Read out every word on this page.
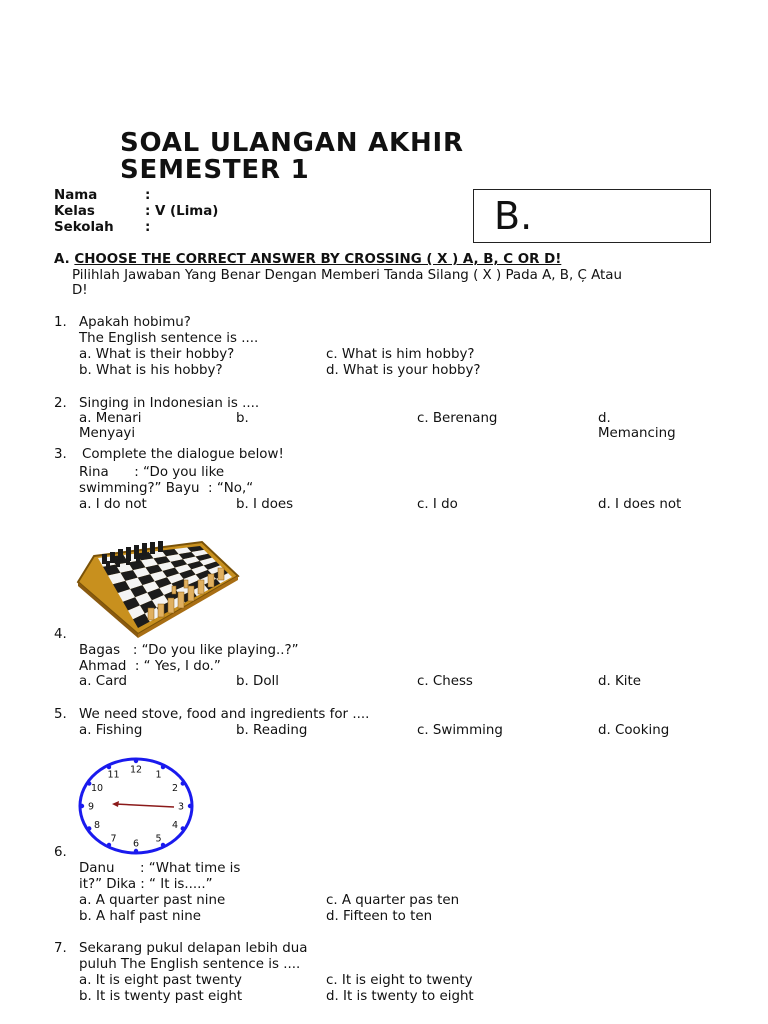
SOAL ULANGAN AKHIR
SEMESTER 1
Nama	:
Kelas	: V (Lima)
Sekolah :	B.
A. CHOOSE THE CORRECT ANSWER BY CROSSING ( X ) A, B, C OR D!
Pilihlah Jawaban Yang Benar Dengan Memberi Tanda Silang ( X ) Pada A, B, C̦ Atau
D!
1. Apakah hobimu?
The English sentence is ....
a. What is their hobby?	c. What is him hobby?
b. What is his hobby?	d. What is your hobby?
2. Singing in Indonesian is ....
a. Menari
Menyayi
b.	c. Berenang	d.
Memancing
3. Complete the dialogue below!
Rina      : “Do you like
swimming?” Bayu  : “No,“
a. I do not	b. I does	c. I do	d. I does not
4.
Bagas   : “Do you like playing..?”
Ahmad  : “ Yes, I do.”
a. Card	b. Doll	c. Chess	d. Kite
5. We need stove, food and ingredients for ....
a. Fishing	b. Reading	c. Swimming	d. Cooking
12 1
2
3
4
5
6
7
8
9
10
11
6.
Danu      : “What time is
it?” Dika : “ It is.....”
a. A quarter past nine	c. A quarter pas ten
b. A half past nine	d. Fifteen to ten
7. Sekarang pukul delapan lebih dua
puluh The English sentence is ....
a. It is eight past twenty	c. It is eight to twenty
b. It is twenty past eight	d. It is twenty to eight
